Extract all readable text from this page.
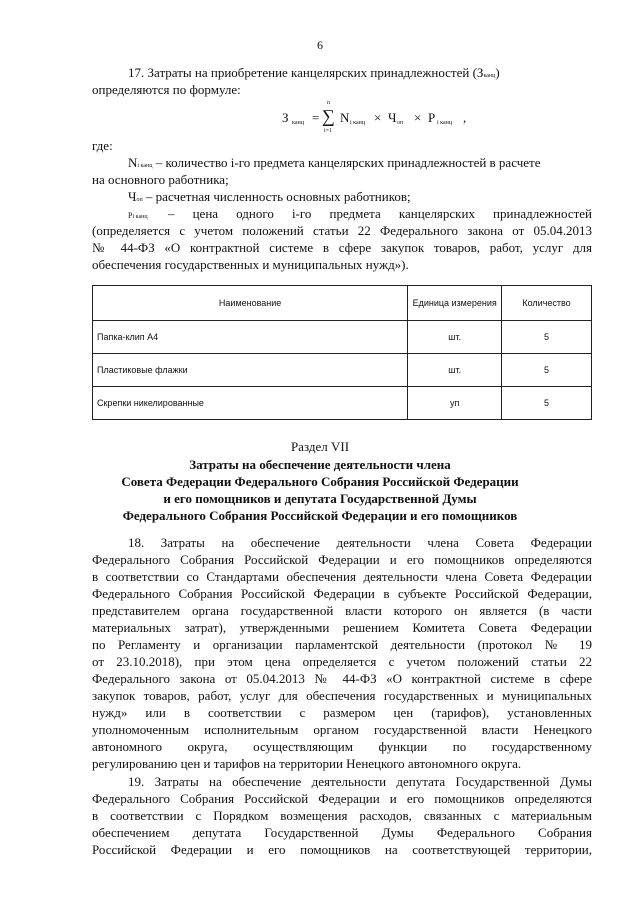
6
17. Затраты на приобретение канцелярских принадлежностей (Зканц)
определяются по формуле:
З канц =
n
∑
i=1
N i канц × Ч оп × P i канц ,
где:
Ni канц – количество i-го предмета канцелярских принадлежностей в расчете
на основного работника;
Чоп – расчетная численность основных работников;
Pi канц – цена одного i-го предмета канцелярских принадлежностей
(определяется с учетом положений статьи 22 Федерального закона от 05.04.2013
№ 44-ФЗ «О контрактной системе в сфере закупок товаров, работ, услуг для
обеспечения государственных и муниципальных нужд»).
Наименование	Единица измерения	Количество
Папка-клип А4	шт.	5
Пластиковые флажки	шт.	5
Скрепки никелированные	уп	5
Раздел VII
Затраты на обеспечение деятельности члена
Совета Федерации Федерального Собрания Российской Федерации
и его помощников и депутата Государственной Думы
Федерального Собрания Российской Федерации и его помощников
18. Затраты на обеспечение деятельности члена Совета Федерации
Федерального Собрания Российской Федерации и его помощников определяются
в соответствии со Стандартами обеспечения деятельности члена Совета Федерации
Федерального Собрания Российской Федерации в субъекте Российской Федерации,
представителем органа государственной власти которого он является (в части
материальных затрат), утвержденными решением Комитета Совета Федерации
по Регламенту и организации парламентской деятельности (протокол № 19
от 23.10.2018), при этом цена определяется с учетом положений статьи 22
Федерального закона от 05.04.2013 № 44-ФЗ «О контрактной системе в сфере
закупок товаров, работ, услуг для обеспечения государственных и муниципальных
нужд» или в соответствии с размером цен (тарифов), установленных
уполномоченным исполнительным органом государственной власти Ненецкого
автономного округа, осуществляющим функции по государственному
регулированию цен и тарифов на территории Ненецкого автономного округа.
19. Затраты на обеспечение деятельности депутата Государственной Думы
Федерального Собрания Российской Федерации и его помощников определяются
в соответствии с Порядком возмещения расходов, связанных с материальным
обеспечением депутата Государственной Думы Федерального Собрания
Российской Федерации и его помощников на соответствующей территории,
